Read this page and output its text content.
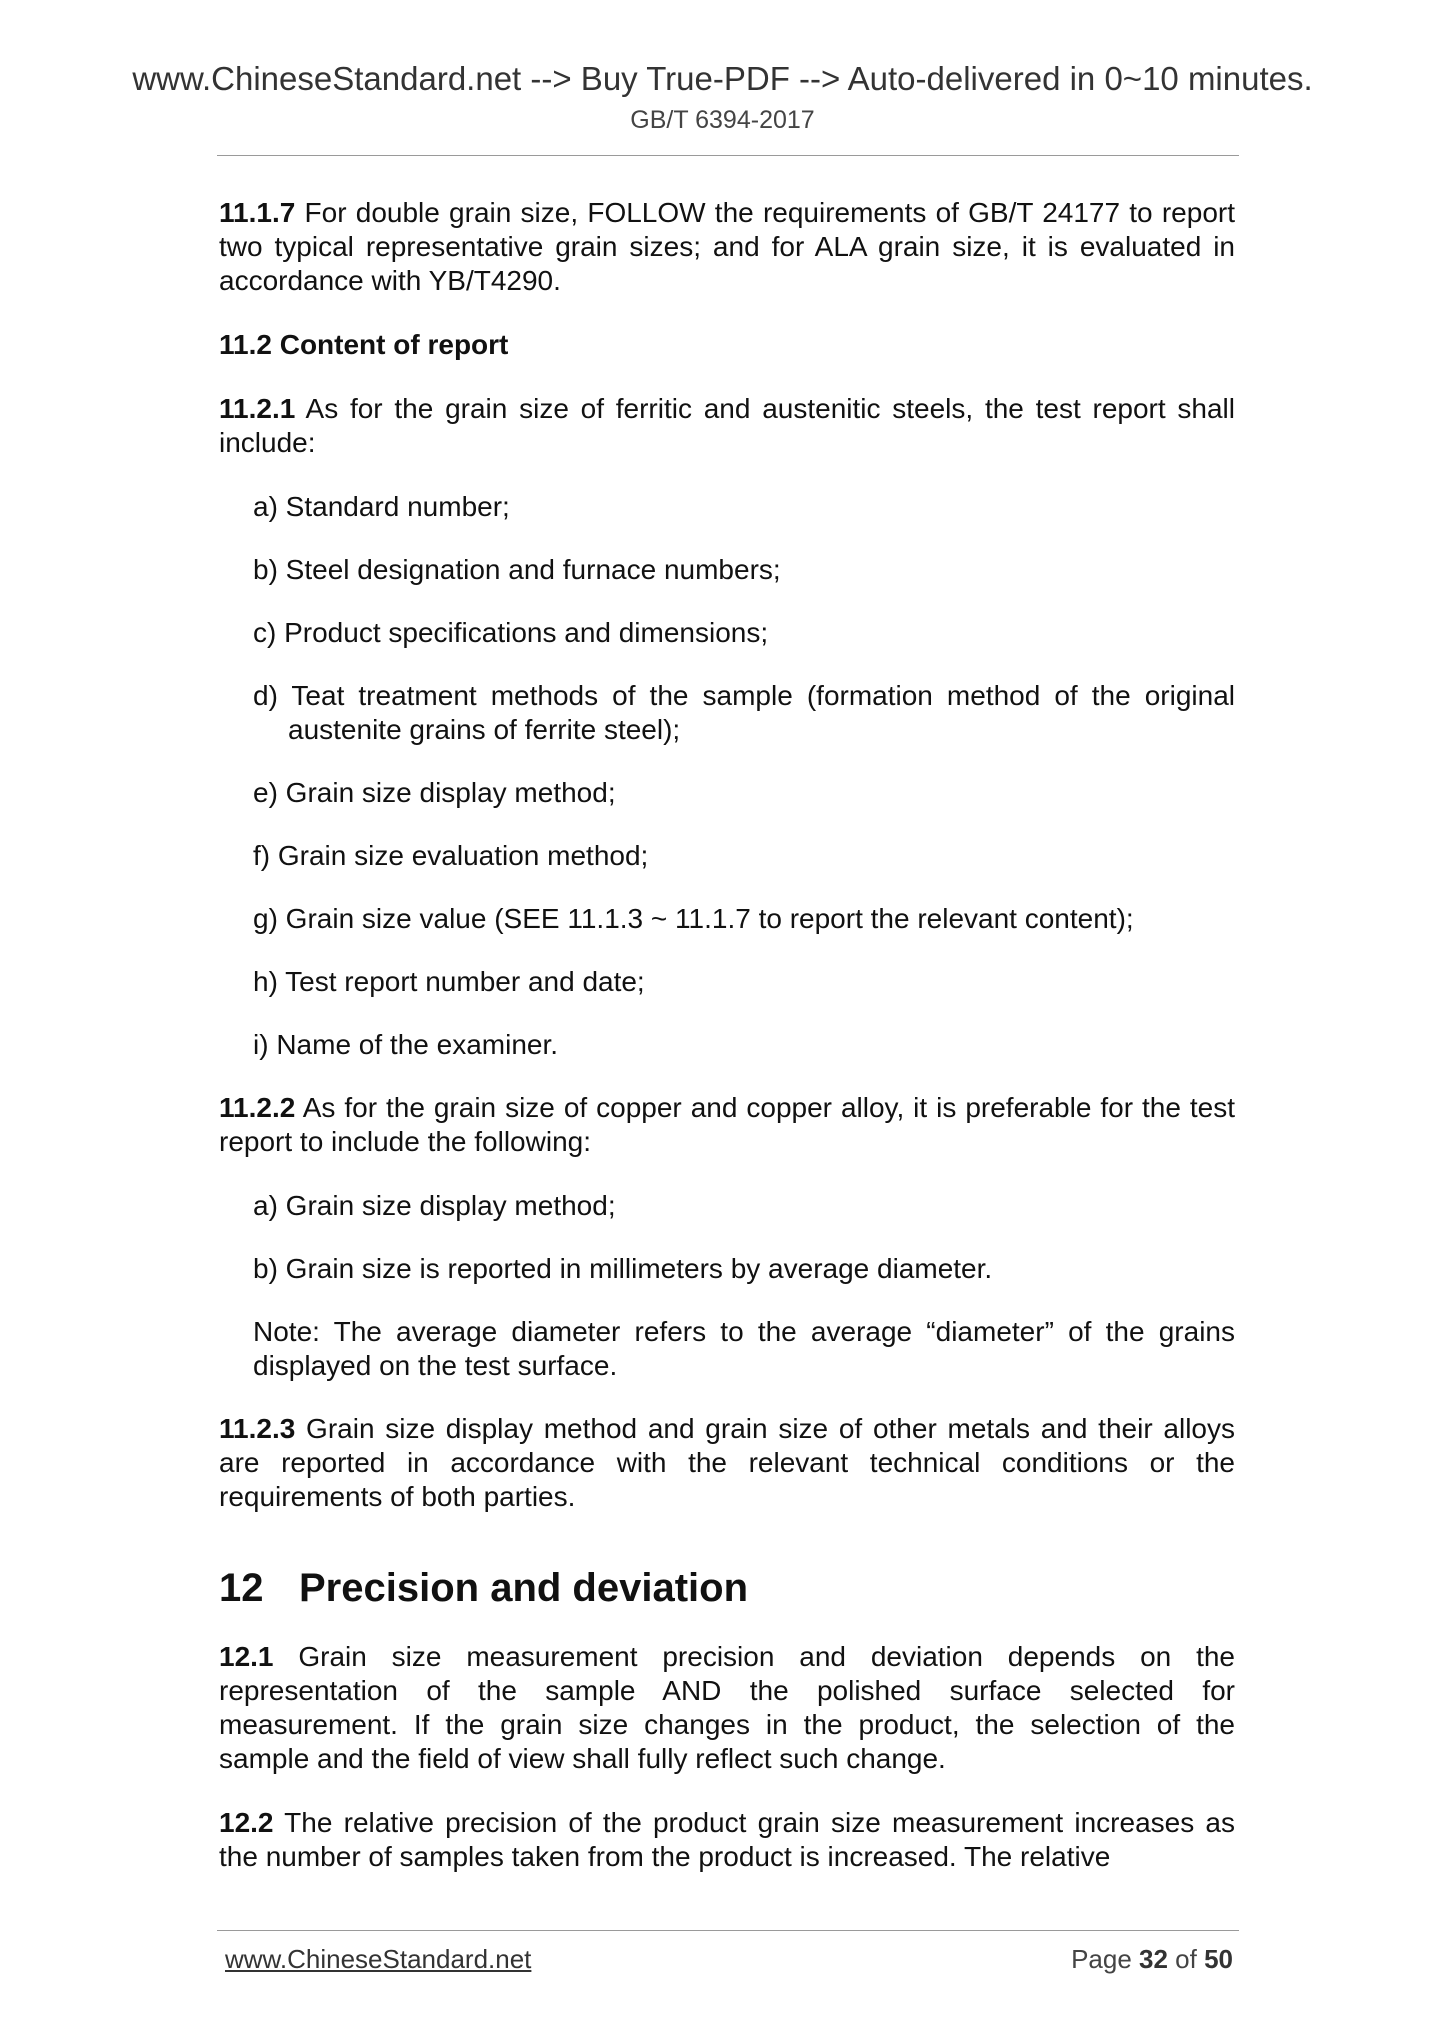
www.ChineseStandard.net --> Buy True-PDF --> Auto-delivered in 0~10 minutes.
GB/T 6394-2017

11.1.7 For double grain size, FOLLOW the requirements of GB/T 24177 to report two typical representative grain sizes; and for ALA grain size, it is evaluated in accordance with YB/T4290.

11.2 Content of report

11.2.1 As for the grain size of ferritic and austenitic steels, the test report shall include:

a) Standard number;
b) Steel designation and furnace numbers;
c) Product specifications and dimensions;
d) Teat treatment methods of the sample (formation method of the original austenite grains of ferrite steel);
e) Grain size display method;
f) Grain size evaluation method;
g) Grain size value (SEE 11.1.3 ~ 11.1.7 to report the relevant content);
h) Test report number and date;
i) Name of the examiner.

11.2.2 As for the grain size of copper and copper alloy, it is preferable for the test report to include the following:

a) Grain size display method;
b) Grain size is reported in millimeters by average diameter.
Note: The average diameter refers to the average “diameter” of the grains displayed on the test surface.

11.2.3 Grain size display method and grain size of other metals and their alloys are reported in accordance with the relevant technical conditions or the requirements of both parties.

12 Precision and deviation

12.1 Grain size measurement precision and deviation depends on the representation of the sample AND the polished surface selected for measurement. If the grain size changes in the product, the selection of the sample and the field of view shall fully reflect such change.

12.2 The relative precision of the product grain size measurement increases as the number of samples taken from the product is increased. The relative

www.ChineseStandard.net	Page 32 of 50
